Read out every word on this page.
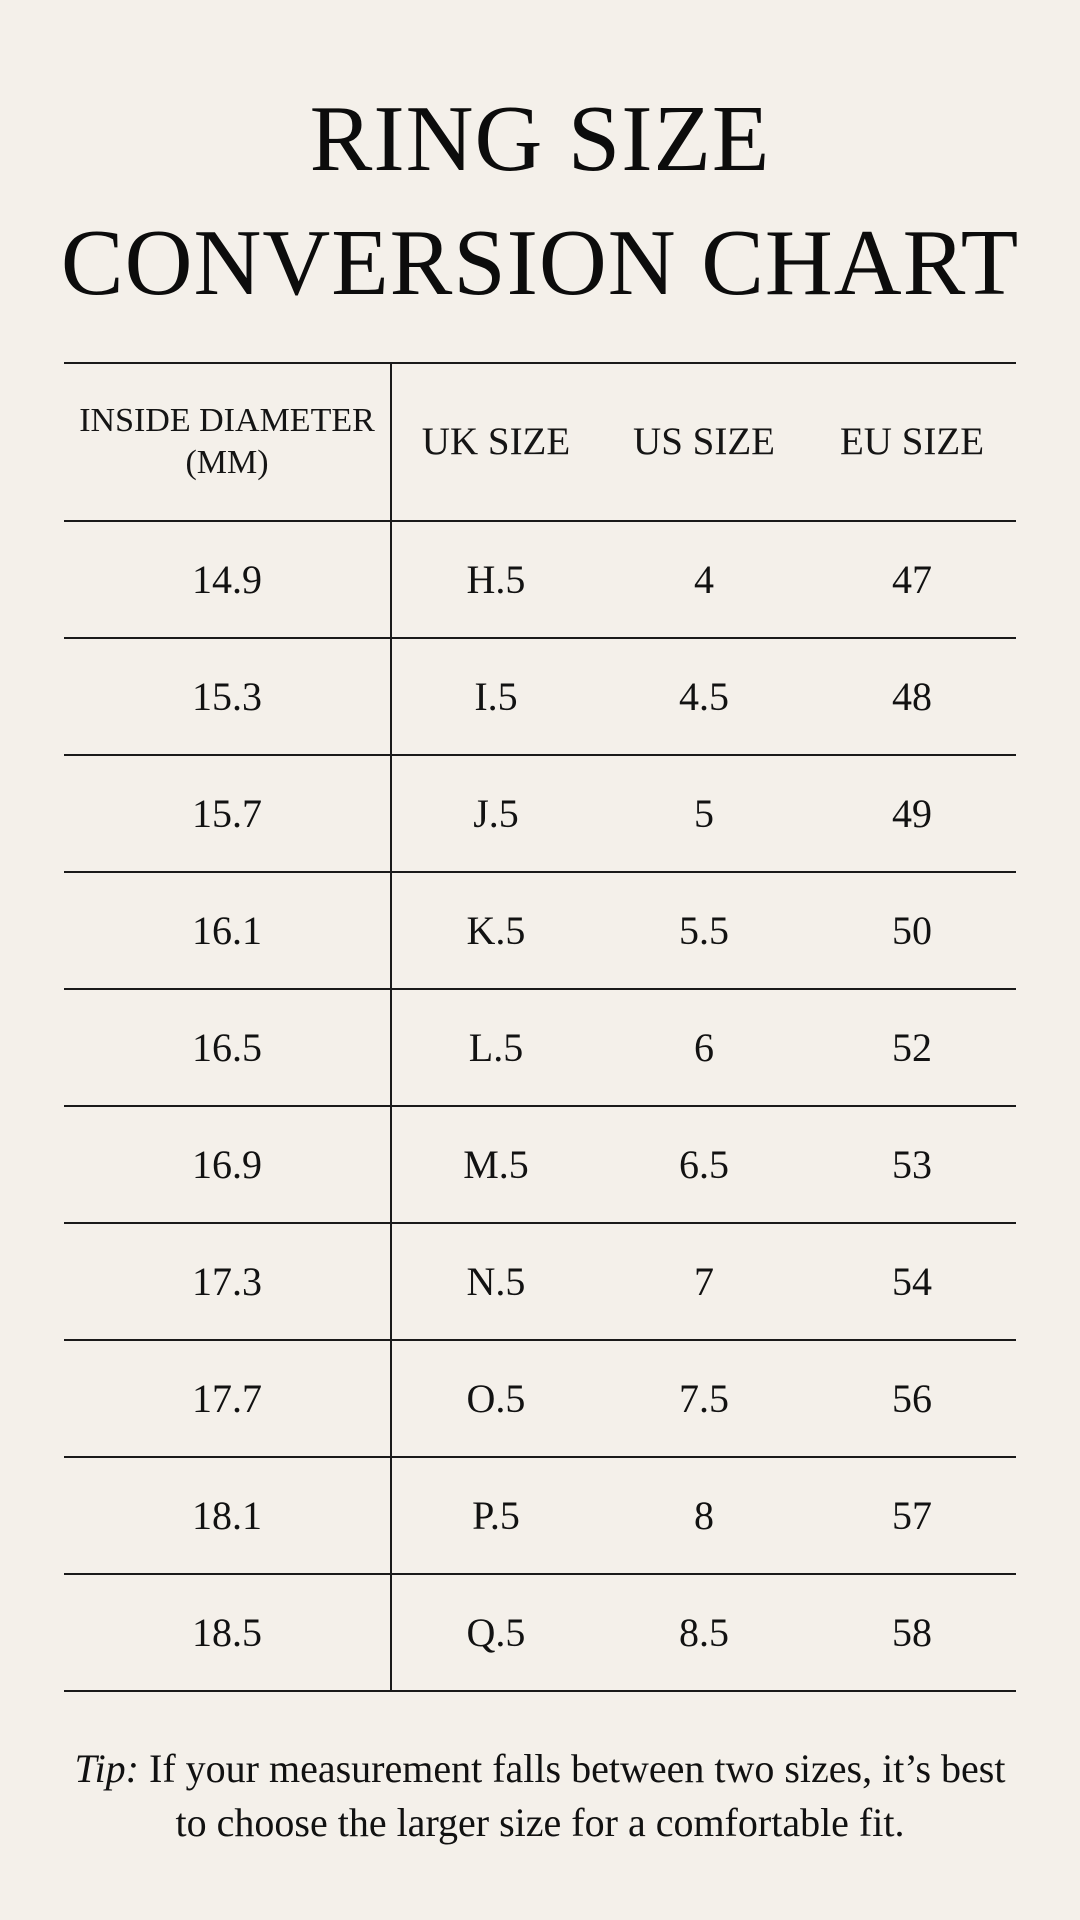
RING SIZE
CONVERSION CHART
INSIDE DIAMETER (MM)	UK SIZE	US SIZE	EU SIZE
14.9	H.5	4	47
15.3	I.5	4.5	48
15.7	J.5	5	49
16.1	K.5	5.5	50
16.5	L.5	6	52
16.9	M.5	6.5	53
17.3	N.5	7	54
17.7	O.5	7.5	56
18.1	P.5	8	57
18.5	Q.5	8.5	58

Tip: If your measurement falls between two sizes, it’s best to choose the larger size for a comfortable fit.
